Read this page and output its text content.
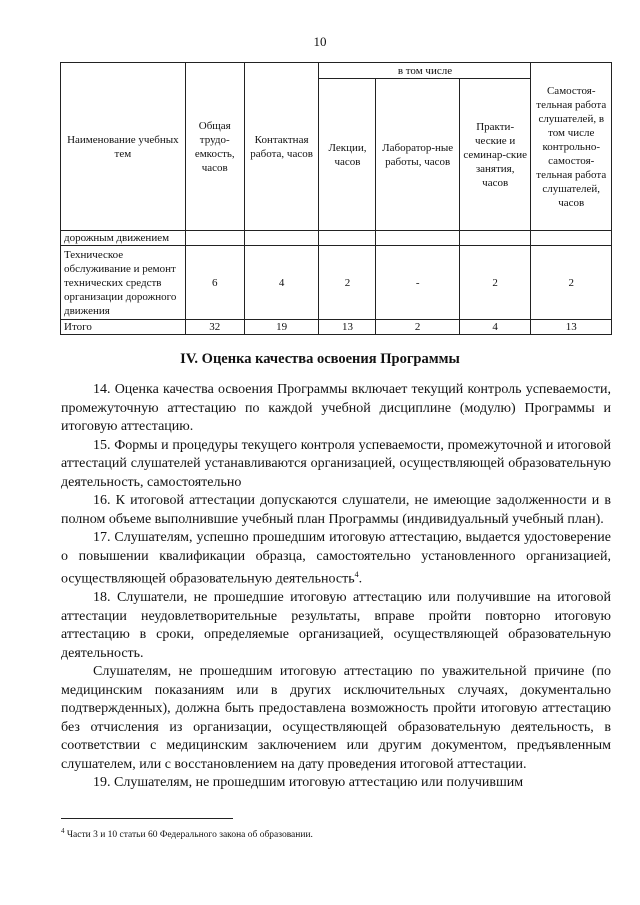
10
Наименование учебных тем	Общая трудо-емкость, часов	Контактная работа, часов	в том числе			Самостоя-тельная работа слушателей, в том числе контрольно-самостоя-тельная работа слушателей, часов
			Лекции, часов	Лаборатор-ные работы, часов	Практи-ческие и семинар-ские занятия, часов	
дорожным движением						
Техническое обслуживание и ремонт технических средств организации дорожного движения	6	4	2	-	2	2
Итого	32	19	13	2	4	13
IV. Оценка качества освоения Программы

14. Оценка качества освоения Программы включает текущий контроль успеваемости, промежуточную аттестацию по каждой учебной дисциплине (модулю) Программы и итоговую аттестацию.

15. Формы и процедуры текущего контроля успеваемости, промежуточной и итоговой аттестаций слушателей устанавливаются организацией, осуществляющей образовательную деятельность, самостоятельно

16. К итоговой аттестации допускаются слушатели, не имеющие задолженности и в полном объеме выполнившие учебный план Программы (индивидуальный учебный план).

17. Слушателям, успешно прошедшим итоговую аттестацию, выдается удостоверение о повышении квалификации образца, самостоятельно установленного организацией, осуществляющей образовательную деятельность$^4$.

18. Слушатели, не прошедшие итоговую аттестацию или получившие на итоговой аттестации неудовлетворительные результаты, вправе пройти повторно итоговую аттестацию в сроки, определяемые организацией, осуществляющей образовательную деятельность.

Слушателям, не прошедшим итоговую аттестацию по уважительной причине (по медицинским показаниям или в других исключительных случаях, документально подтвержденных), должна быть предоставлена возможность пройти итоговую аттестацию без отчисления из организации, осуществляющей образовательную деятельность, в соответствии с медицинским заключением или другим документом, предъявленным слушателем, или с восстановлением на дату проведения итоговой аттестации.

19. Слушателям, не прошедшим итоговую аттестацию или получившим

$^4$ Части 3 и 10 статьи 60 Федерального закона об образовании.
